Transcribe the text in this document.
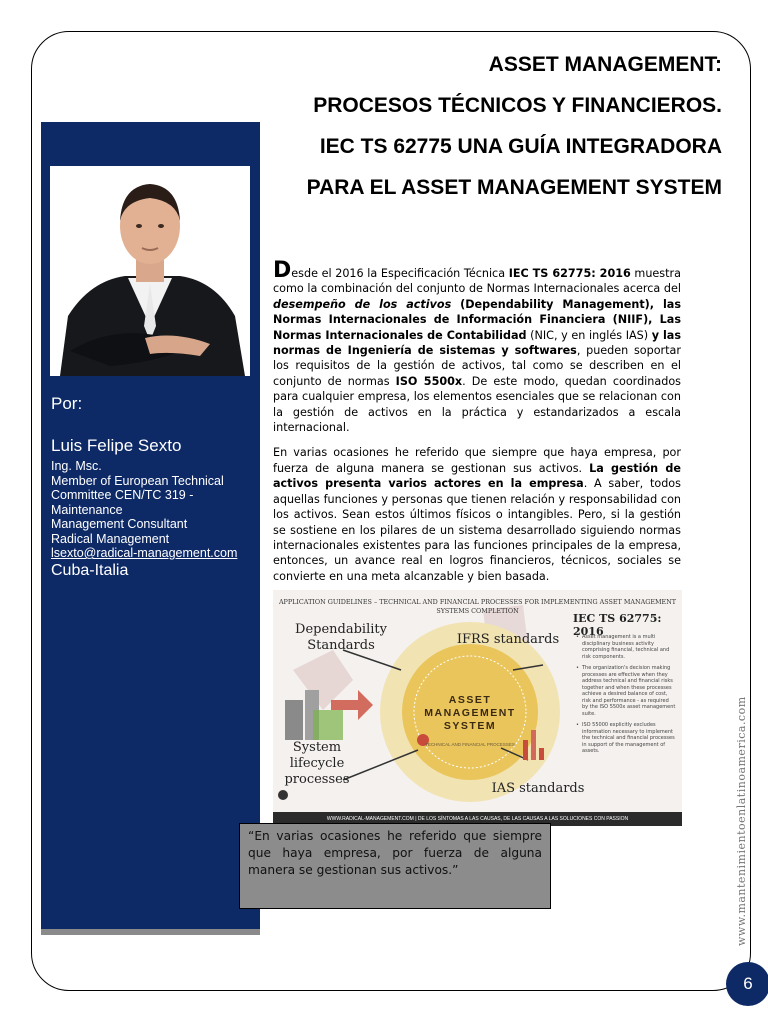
ASSET MANAGEMENT:
PROCESOS TÉCNICOS Y FINANCIEROS.
IEC TS 62775 UNA GUÍA INTEGRADORA
PARA EL ASSET MANAGEMENT SYSTEM
Por:
Luis Felipe Sexto
Ing. Msc.
Member of European Technical Committee CEN/TC 319 - Maintenance
Management Consultant
Radical Management
lsexto@radical-management.com
Cuba-Italia

Desde el 2016 la Especificación Técnica IEC TS 62775: 2016 muestra como la combinación del conjunto de Normas Internacionales acerca del desempeño de los activos (Dependability Management), las Normas Internacionales de Información Financiera (NIIF), Las Normas Internacionales de Contabilidad (NIC, y en inglés IAS) y las normas de Ingeniería de sistemas y softwares, pueden soportar los requisitos de la gestión de activos, tal como se describen en el conjunto de normas ISO 5500x. De este modo, quedan coordinados para cualquier empresa, los elementos esenciales que se relacionan con la gestión de activos en la práctica y estandarizados a escala internacional.

En varias ocasiones he referido que siempre que haya empresa, por fuerza de alguna manera se gestionan sus activos. La gestión de activos presenta varios actores en la empresa. A saber, todos aquellas funciones y personas que tienen relación y responsabilidad con los activos. Sean estos últimos físicos o intangibles. Pero, si la gestión se sostiene en los pilares de un sistema desarrollado siguiendo normas internacionales existentes para las funciones principales de la empresa, entonces, un avance real en logros financieros, técnicos, sociales se convierte en una meta alcanzable y bien basada.

APPLICATION GUIDELINES – TECHNICAL AND FINANCIAL PROCESSES FOR IMPLEMENTING ASSET MANAGEMENT SYSTEMS COMPLETION
IEC TS 62775: 2016
• Asset management is a multi disciplinary business activity comprising financial, technical and risk components.
• The organization's decision making processes are effective when they address technical and financial risks together and when these processes achieve a desired balance of cost, risk and performance - as required by the ISO 5500x asset management suite.
• ISO 55000 explicitly excludes information necessary to implement the technical and financial processes in support of the management of assets.
ASSET MANAGEMENT SYSTEM
TECHNICAL AND FINANCIAL PROCESSES
Dependability Standards	IFRS standards
System lifecycle processes
IAS standards
WWW.RADICAL-MANAGEMENT.COM | DE LOS SÍNTOMAS A LAS CAUSAS, DE LAS CAUSAS A LAS SOLUCIONES CON PASSION
“En varias ocasiones he referido que siempre que haya empresa, por fuerza de alguna manera se gestionan sus activos.”	www.mantenimientoenlatinoamerica.com
6
